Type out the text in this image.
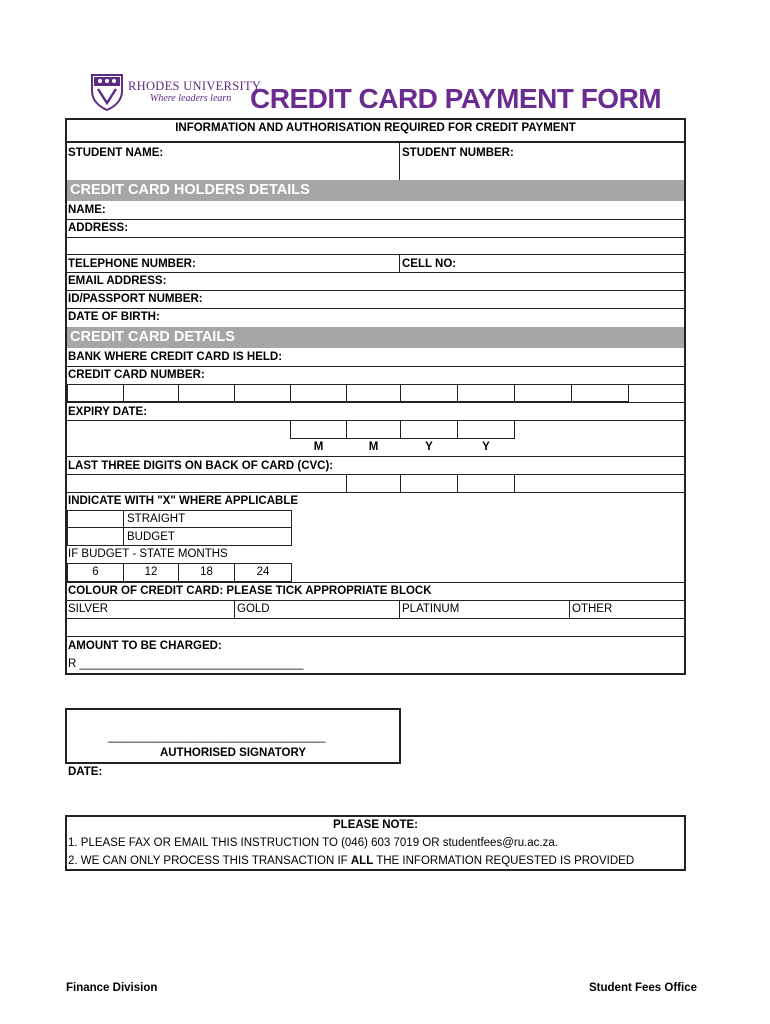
RHODES UNIVERSITY
Where leaders learn CREDIT CARD PAYMENT FORM
INFORMATION AND AUTHORISATION REQUIRED FOR CREDIT PAYMENT
STUDENT NAME:	STUDENT NUMBER:
CREDIT CARD HOLDERS DETAILS
NAME:
ADDRESS:
TELEPHONE NUMBER:	CELL NO:
EMAIL ADDRESS:
ID/PASSPORT NUMBER:
DATE OF BIRTH:
CREDIT CARD DETAILS
BANK WHERE CREDIT CARD IS HELD:
CREDIT CARD NUMBER:
EXPIRY DATE:
M	M	Y	Y
LAST THREE DIGITS ON BACK OF CARD (CVC):
INDICATE WITH "X" WHERE APPLICABLE
STRAIGHT
BUDGET
IF BUDGET - STATE MONTHS
6	12	18	24
COLOUR OF CREDIT CARD: PLEASE TICK APPROPRIATE BLOCK
SILVER	GOLD	PLATINUM	OTHER
AMOUNT TO BE CHARGED:
R ___________________________________
__________________________________
AUTHORISED SIGNATORY
DATE:
PLEASE NOTE:
1. PLEASE FAX OR EMAIL THIS INSTRUCTION TO (046) 603 7019 OR studentfees@ru.ac.za.
2. WE CAN ONLY PROCESS THIS TRANSACTION IF ALL THE INFORMATION REQUESTED IS PROVIDED
Finance Division	Student Fees Office
